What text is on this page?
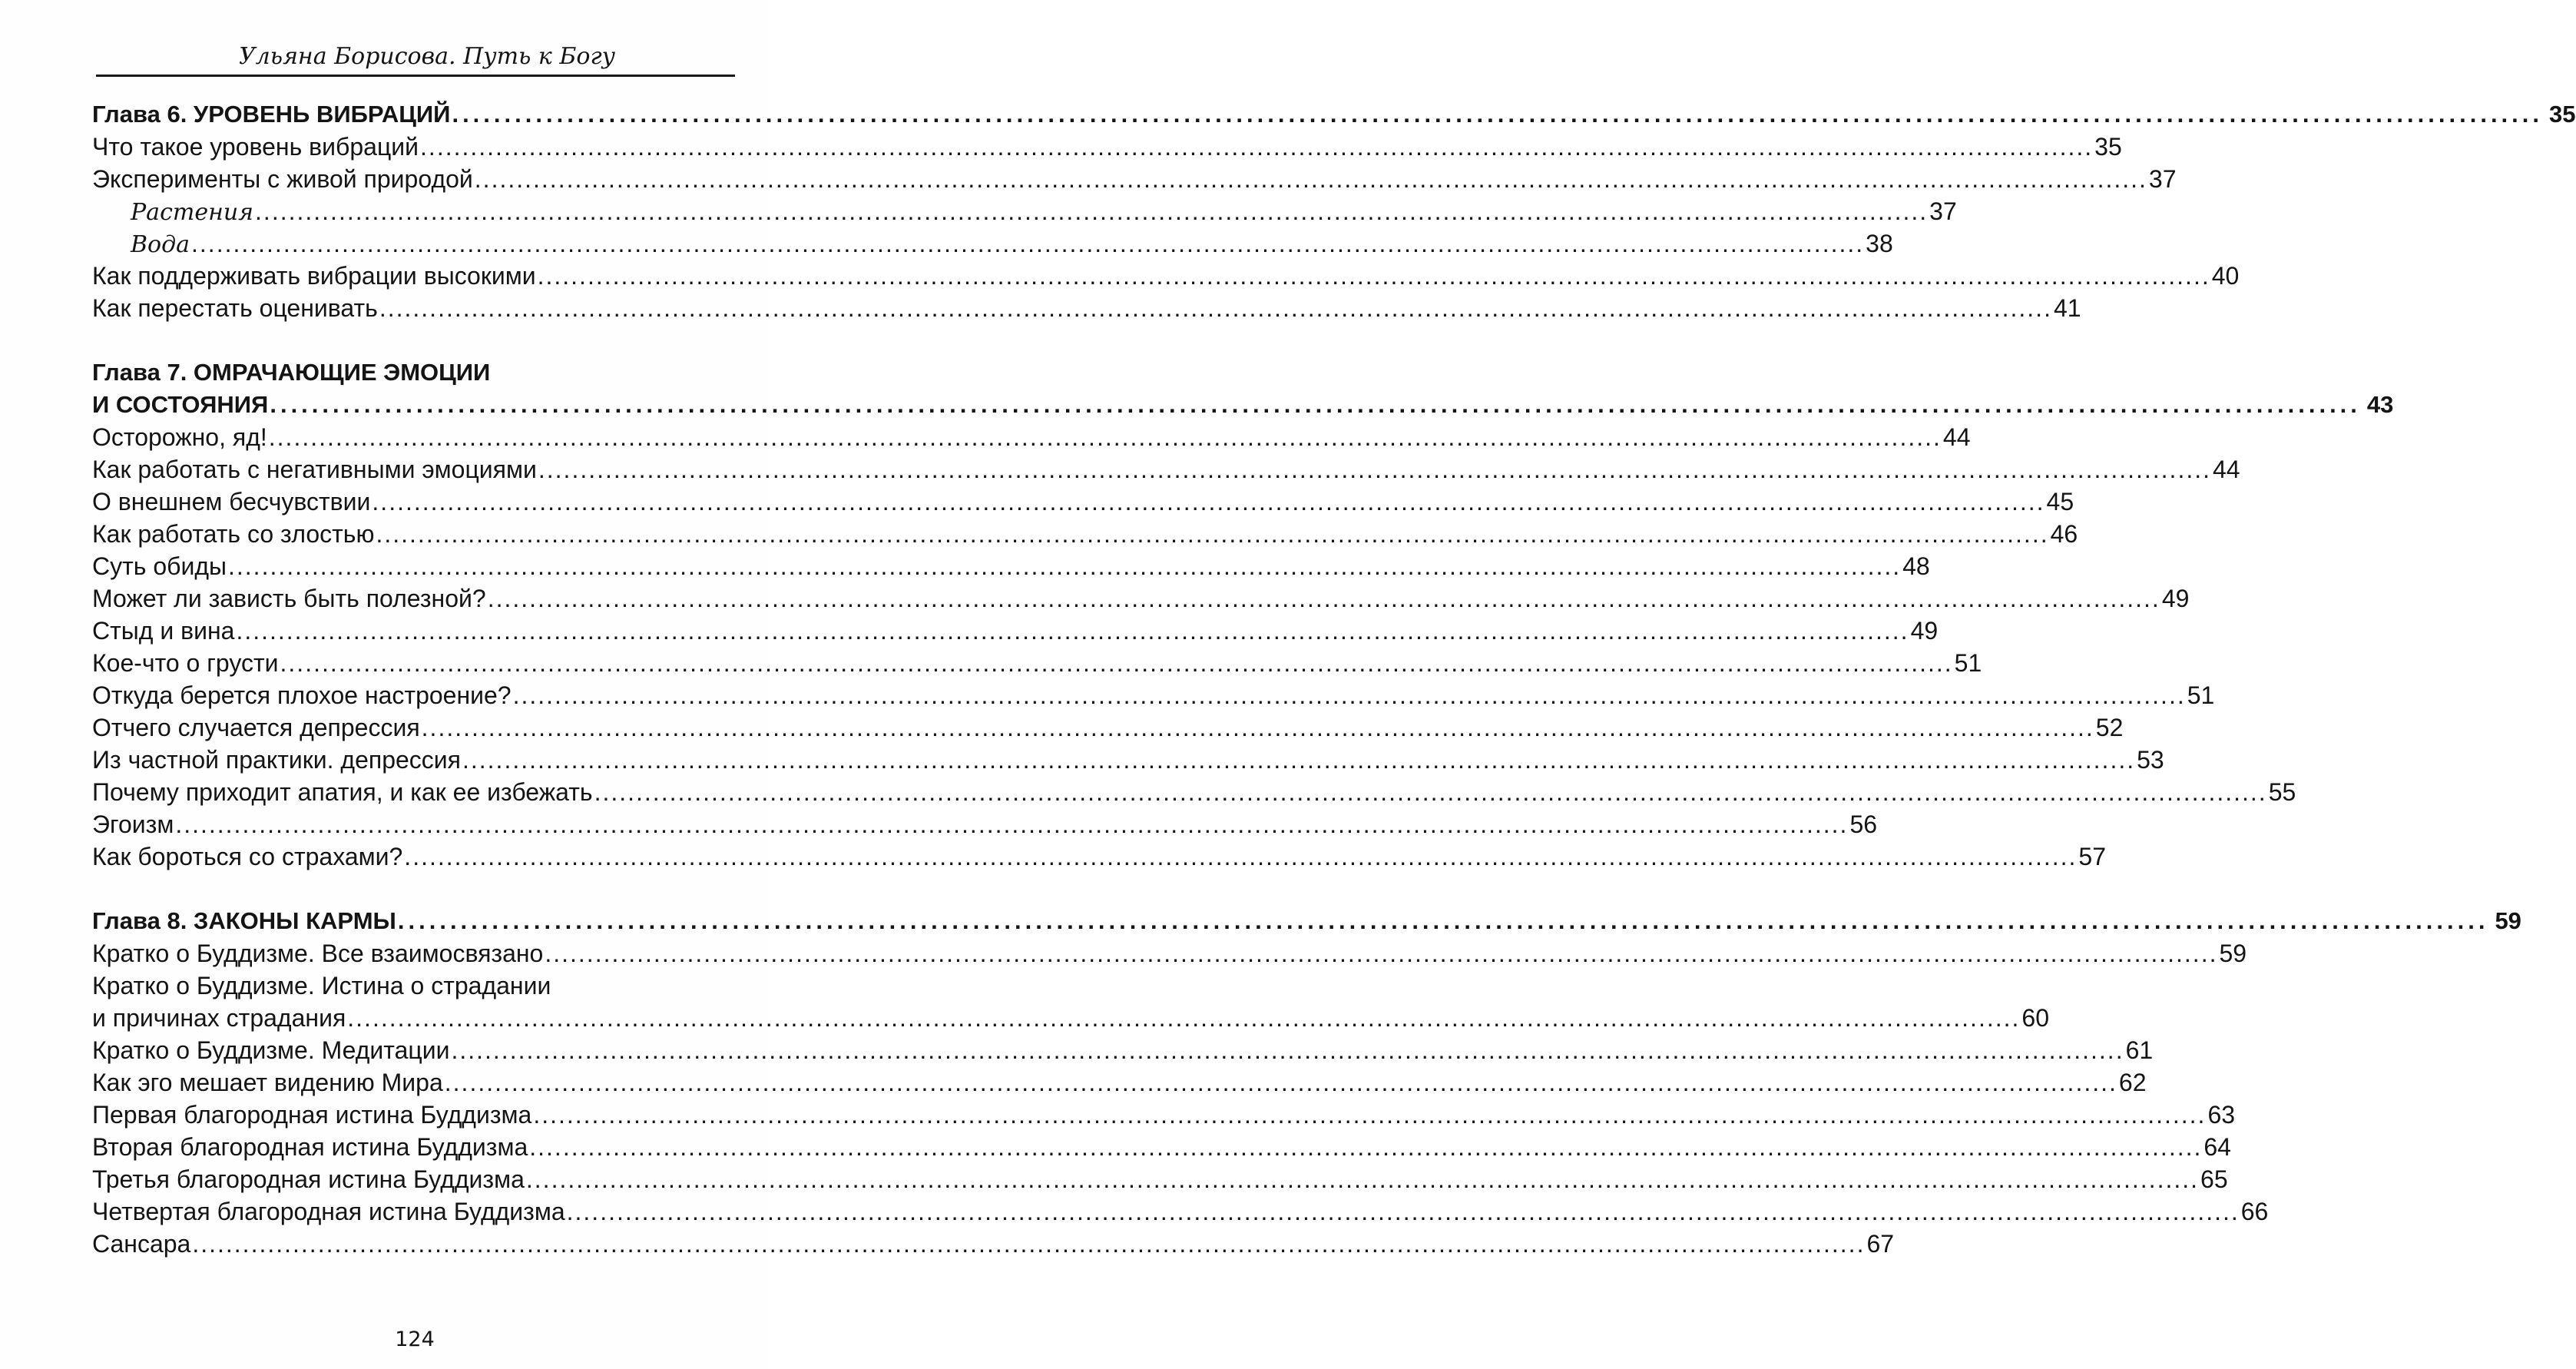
Ульяна Борисова. Путь к Богу
Глава 6. УРОВЕНЬ ВИБРАЦИЙ ........................................................................................................................................................................................................ 35
Что такое уровень вибраций ........................................................................................................................................................................................................ 35
Эксперименты с живой природой ........................................................................................................................................................................................................ 37
Растения ........................................................................................................................................................................................................ 37
Вода ........................................................................................................................................................................................................ 38
Как поддерживать вибрации высокими ........................................................................................................................................................................................................ 40
Как перестать оценивать ........................................................................................................................................................................................................ 41
Глава 7. ОМРАЧАЮЩИЕ ЭМОЦИИ
И СОСТОЯНИЯ ........................................................................................................................................................................................................ 43
Осторожно, яд! ........................................................................................................................................................................................................ 44
Как работать с негативными эмоциями ........................................................................................................................................................................................................ 44
О внешнем бесчувствии ........................................................................................................................................................................................................ 45
Как работать со злостью ........................................................................................................................................................................................................ 46
Суть обиды ........................................................................................................................................................................................................ 48
Может ли зависть быть полезной? ........................................................................................................................................................................................................ 49
Стыд и вина ........................................................................................................................................................................................................ 49
Кое-что о грусти ........................................................................................................................................................................................................ 51
Откуда берется плохое настроение? ........................................................................................................................................................................................................ 51
Отчего случается депрессия ........................................................................................................................................................................................................ 52
Из частной практики. депрессия ........................................................................................................................................................................................................ 53
Почему приходит апатия, и как ее избежать ........................................................................................................................................................................................................ 55
Эгоизм ........................................................................................................................................................................................................ 56
Как бороться со страхами? ........................................................................................................................................................................................................ 57
Глава 8. ЗАКОНЫ КАРМЫ ........................................................................................................................................................................................................ 59
Кратко о Буддизме. Все взаимосвязано ........................................................................................................................................................................................................ 59
Кратко о Буддизме. Истина о страдании
и причинах страдания ........................................................................................................................................................................................................ 60
Кратко о Буддизме. Медитации ........................................................................................................................................................................................................ 61
Как эго мешает видению Мира ........................................................................................................................................................................................................ 62
Первая благородная истина Буддизма ........................................................................................................................................................................................................ 63
Вторая благородная истина Буддизма ........................................................................................................................................................................................................ 64
Третья благородная истина Буддизма ........................................................................................................................................................................................................ 65
Четвертая благородная истина Буддизма ........................................................................................................................................................................................................ 66
Сансара ........................................................................................................................................................................................................ 67
124
